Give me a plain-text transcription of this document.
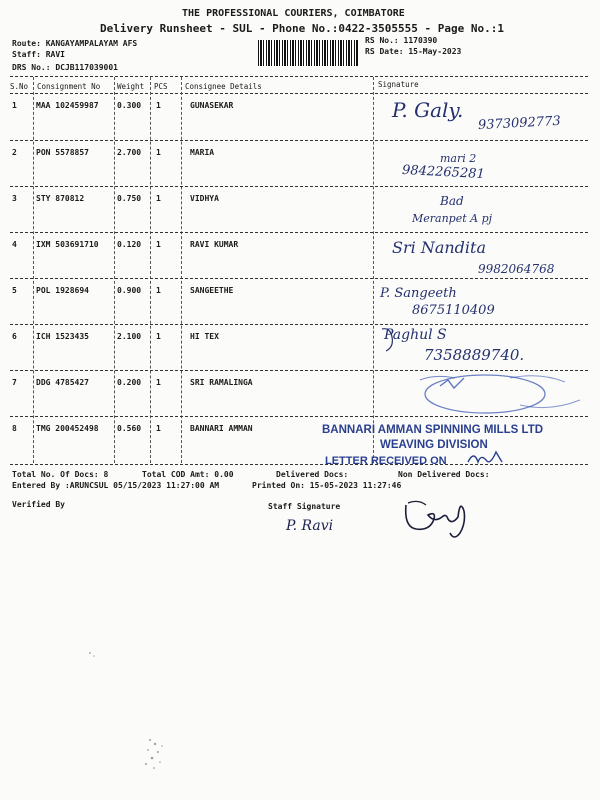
THE PROFESSIONAL COURIERS, COIMBATORE
Delivery Runsheet - SUL - Phone No.:0422-3505555 - Page No.:1
Route: KANGAYAMPALAYAM AFS
Staff: RAVI
DRS No.: DCJB117039001
RS No.: 1170390
RS Date: 15-May-2023
S.No Consignment No Weight PCS Consignee Details	Signature
1 MAA 102459987 0.300 1	GUNASEKAR	P. Galy.
9373092773
2 PON 5578857	2.700 1	MARIA	mari 2
9842265281
3 STY 870812	0.750 1	VIDHYA	Bad
Meranpet A pj
4 IXM 503691710 0.120 1	RAVI KUMAR	Sri Nandita
9982064768
5 POL 1928694	0.900 1	SANGEETHE	P. Sangeeth
8675110409
6 ICH 1523435	2.100 1	HI TEX	Paghul S
7358889740.
7 DDG 4785427	0.200 1	SRI RAMALINGA
8 TMG 200452498 0.560 1	BANNARI AMMAN	BANNARI AMMAN SPINNING MILLS LTD
WEAVING DIVISION
LETTER RECEIVED ON
Total No. Of Docs: 8	Total COD Amt: 0.00	Delivered Docs:	Non Delivered Docs:
Entered By :ARUNCSUL 05/15/2023 11:27:00 AM	Printed On: 15-05-2023 11:27:46
Verified By	Staff Signature
P. Ravi
